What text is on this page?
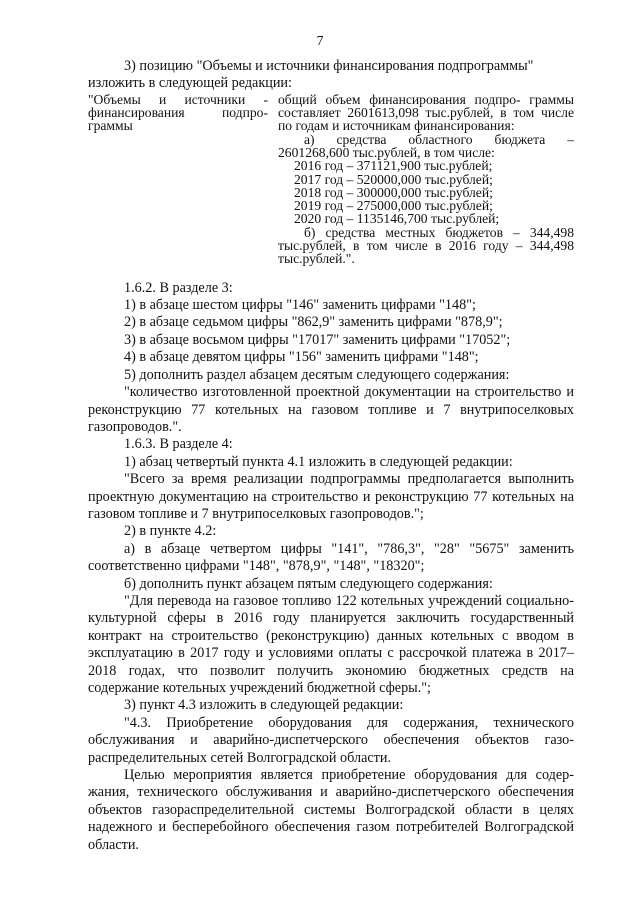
7

3) позицию "Объемы и источники финансирования подпрограммы"

изложить в следующей редакции:

"Объемы и источники - финансирования подпро- граммы

общий объем финансирования подпро- граммы составляет 2601613,098 тыс.рублей, в том числе по годам и источникам финансирования:

а) средства областного бюджета – 2601268,600 тыс.рублей, в том числе:

2016 год – 371121,900 тыс.рублей;

2017 год – 520000,000 тыс.рублей;

2018 год – 300000,000 тыс.рублей;

2019 год – 275000,000 тыс.рублей;

2020 год – 1135146,700 тыс.рублей;

б) средства местных бюджетов – 344,498 тыс.рублей, в том числе в 2016 году – 344,498 тыс.рублей.".

1.6.2. В разделе 3:

1) в абзаце шестом цифры "146" заменить цифрами "148";

2) в абзаце седьмом цифры "862,9" заменить цифрами "878,9";

3) в абзаце восьмом цифры "17017" заменить цифрами "17052";

4) в абзаце девятом цифры "156" заменить цифрами "148";

5) дополнить раздел абзацем десятым следующего содержания:

"количество изготовленной проектной документации на строительство и реконструкцию 77 котельных на газовом топливе и 7 внутрипоселковых газопроводов.".

1.6.3. В разделе 4:

1) абзац четвертый пункта 4.1 изложить в следующей редакции:

"Всего за время реализации подпрограммы предполагается выполнить проектную документацию на строительство и реконструкцию 77 котельных на газовом топливе и 7 внутрипоселковых газопроводов.";

2) в пункте 4.2:

а) в абзаце четвертом цифры "141", "786,3", "28" "5675" заменить соответственно цифрами "148", "878,9", "148", "18320";

б) дополнить пункт абзацем пятым следующего содержания:

"Для перевода на газовое топливо 122 котельных учреждений социально-культурной сферы в 2016 году планируется заключить государственный контракт на строительство (реконструкцию) данных котельных с вводом в эксплуатацию в 2017 году и условиями оплаты с рассрочкой платежа в 2017–2018 годах, что позволит получить экономию бюджетных средств на содержание котельных учреждений бюджетной сферы.";

3) пункт 4.3 изложить в следующей редакции:

"4.3. Приобретение оборудования для содержания, технического обслуживания и аварийно-диспетчерского обеспечения объектов газо- распределительных сетей Волгоградской области.

Целью мероприятия является приобретение оборудования для содер- жания, технического обслуживания и аварийно-диспетчерского обеспечения объектов газораспределительной системы Волгоградской области в целях надежного и бесперебойного обеспечения газом потребителей Волгоградской области.
